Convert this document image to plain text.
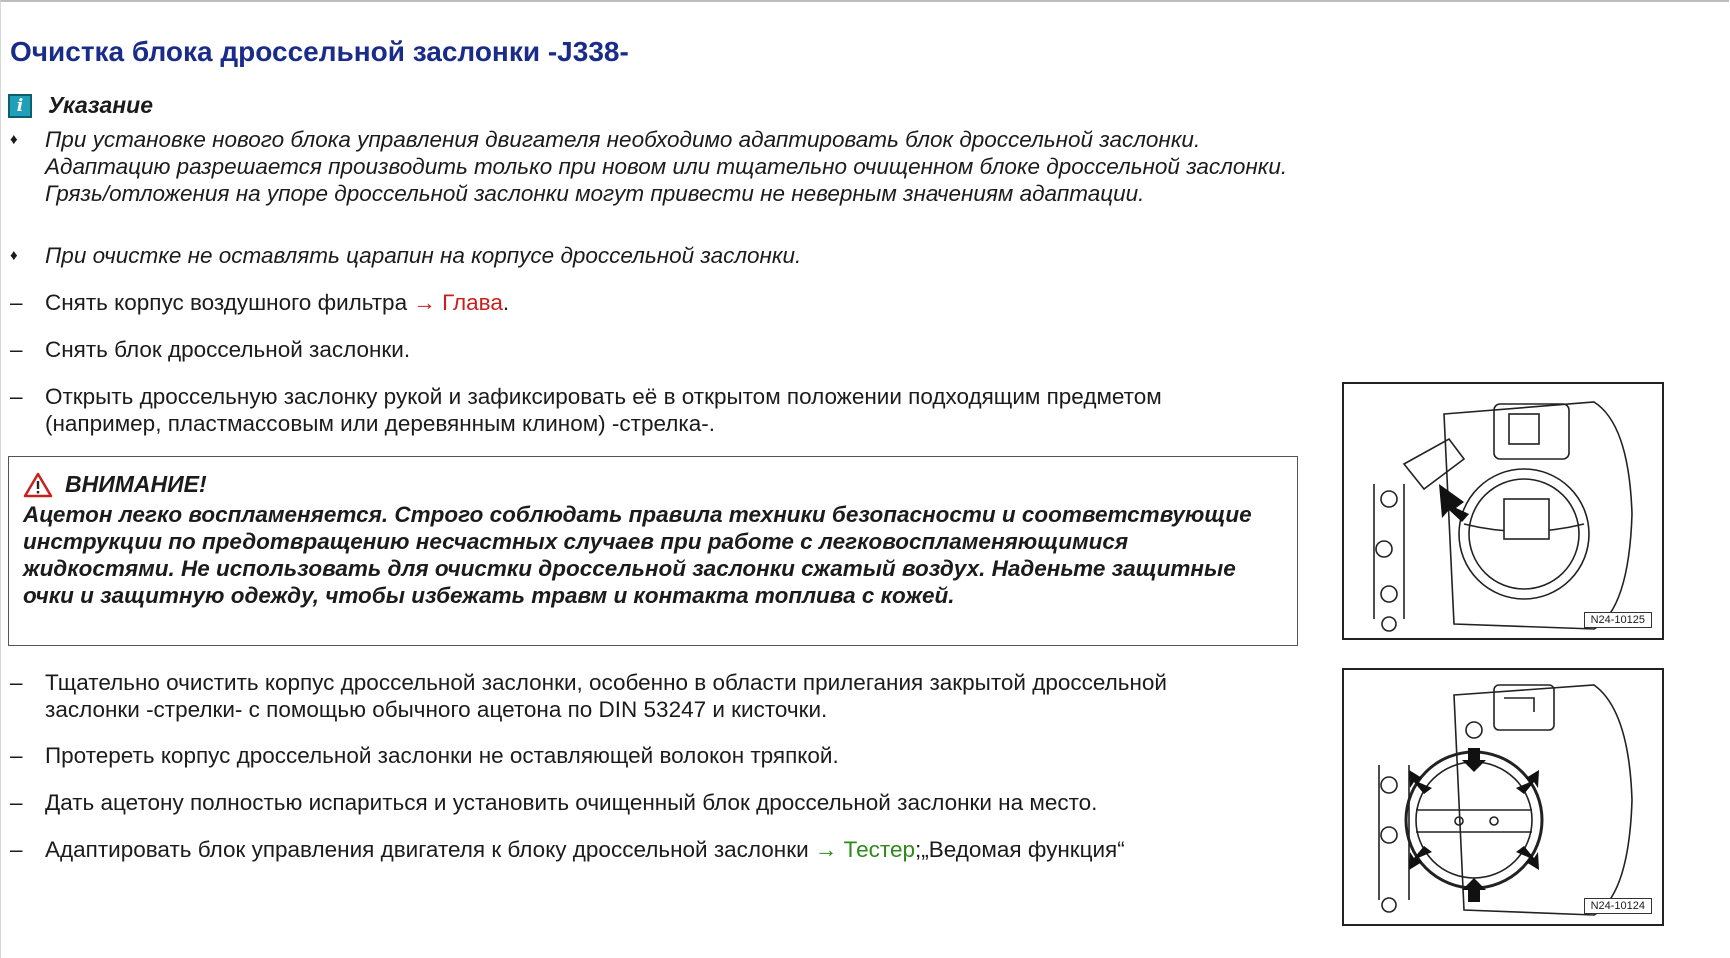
Очистка блока дроссельной заслонки -J338-
i	Указание
♦	При установке нового блока управления двигателя необходимо адаптировать блок дроссельной заслонки. Адаптацию разрешается производить только при новом или тщательно очищенном блоке дроссельной заслонки. Грязь/отложения на упоре дроссельной заслонки могут привести не неверным значениям адаптации.
♦	При очистке не оставлять царапин на корпусе дроссельной заслонки.
– Снять корпус воздушного фильтра → Глава.
– Снять блок дроссельной заслонки.
– Открыть дроссельную заслонку рукой и зафиксировать её в открытом положении подходящим предметом (например, пластмассовым или деревянным клином) -стрелка-.
ВНИМАНИЕ!
Ацетон легко воспламеняется. Строго соблюдать правила техники безопасности и соответствующие инструкции по предотвращению несчастных случаев при работе с легковоспламеняющимися жидкостями. Не использовать для очистки дроссельной заслонки сжатый воздух. Наденьте защитные очки и защитную одежду, чтобы избежать травм и контакта топлива с кожей.
– Тщательно очистить корпус дроссельной заслонки, особенно в области прилегания закрытой дроссельной заслонки -стрелки- с помощью обычного ацетона по DIN 53247 и кисточки.
– Протереть корпус дроссельной заслонки не оставляющей волокон тряпкой.
– Дать ацетону полностью испариться и установить очищенный блок дроссельной заслонки на место.
– Адаптировать блок управления двигателя к блоку дроссельной заслонки → Тестер;„Ведомая функция“
N24-10125
N24-10124
